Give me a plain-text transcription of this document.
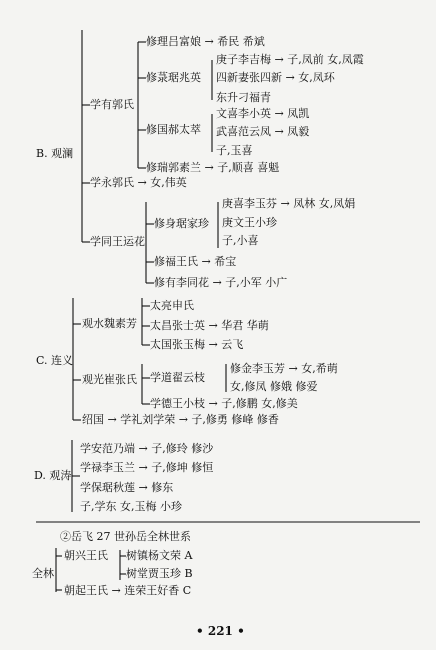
B. 观澜
学有郭氏
修理吕富娘 → 希民 希斌
修菉琚兆英
庚子李吉梅 → 子,凤前 女,凤霞
四新妻张四新 → 女,凤环
东升刁福青
修国郝太萃
文喜李小英 → 凤凯
武喜范云凤 → 凤毅
子,玉喜
修瑞郭素兰 → 子,顺喜 喜魁
学永郭氏 → 女,伟英
学同王运花
修身琚家珍
庚喜李玉芬 → 凤林 女,凤娟
庚文王小珍
子,小喜
修福王氏 → 希宝
修有李同花 → 子,小军 小广
C. 连义
观水魏素芳
太亮申氏
太昌张士英 → 华君 华萌
太国张玉梅 → 云飞
观光崔张氏 学道翟云枝
修金李玉芳 → 女,希萌
女,修凤 修娥 修爱
学德王小枝 → 子,修鹏 女,修美
绍国 → 学礼刘学荣 → 子,修勇 修峰 修香
D. 观涛
学安范乃端 → 子,修玲 修沙
学禄李玉兰 → 子,修坤 修恒
学保琚秋莲 → 修东
子,学东 女,玉梅 小珍
②岳飞 27 世孙岳全林世系
全林
朝兴王氏 树镇杨文荣 A
树堂贾玉珍 B
朝起王氏 → 连荣王好香 C
• 221 •
